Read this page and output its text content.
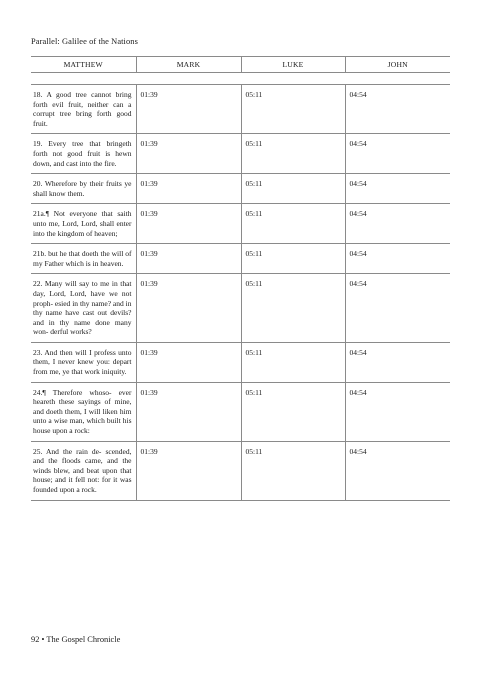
Parallel: Galilee of the Nations
MATTHEW	MARK	LUKE	JOHN

18. A good tree cannot bring forth evil fruit, neither can a corrupt tree bring forth good fruit.	01:39	05:11	04:54
19. Every tree that bringeth forth not good fruit is hewn down, and cast into the fire.	01:39	05:11	04:54
20. Wherefore by their fruits ye shall know them.	01:39	05:11	04:54
21a.¶ Not everyone that saith unto me, Lord, Lord, shall enter into the kingdom of heaven;	01:39	05:11	04:54
21b. but he that doeth the will of my Father which is in heaven.	01:39	05:11	04:54
22. Many will say to me in that day, Lord, Lord, have we not proph- esied in thy name? and in thy name have cast out devils? and in thy name done many won- derful works?	01:39	05:11	04:54
23. And then will I profess unto them, I never knew you: depart from me, ye that work iniquity.	01:39	05:11	04:54
24.¶ Therefore whoso- ever heareth these sayings of mine, and doeth them, I will liken him unto a wise man, which built his house upon a rock:	01:39	05:11	04:54
25. And the rain de- scended, and the floods came, and the winds blew, and beat upon that house; and it fell not: for it was founded upon a rock.	01:39	05:11	04:54
92 • The Gospel Chronicle
